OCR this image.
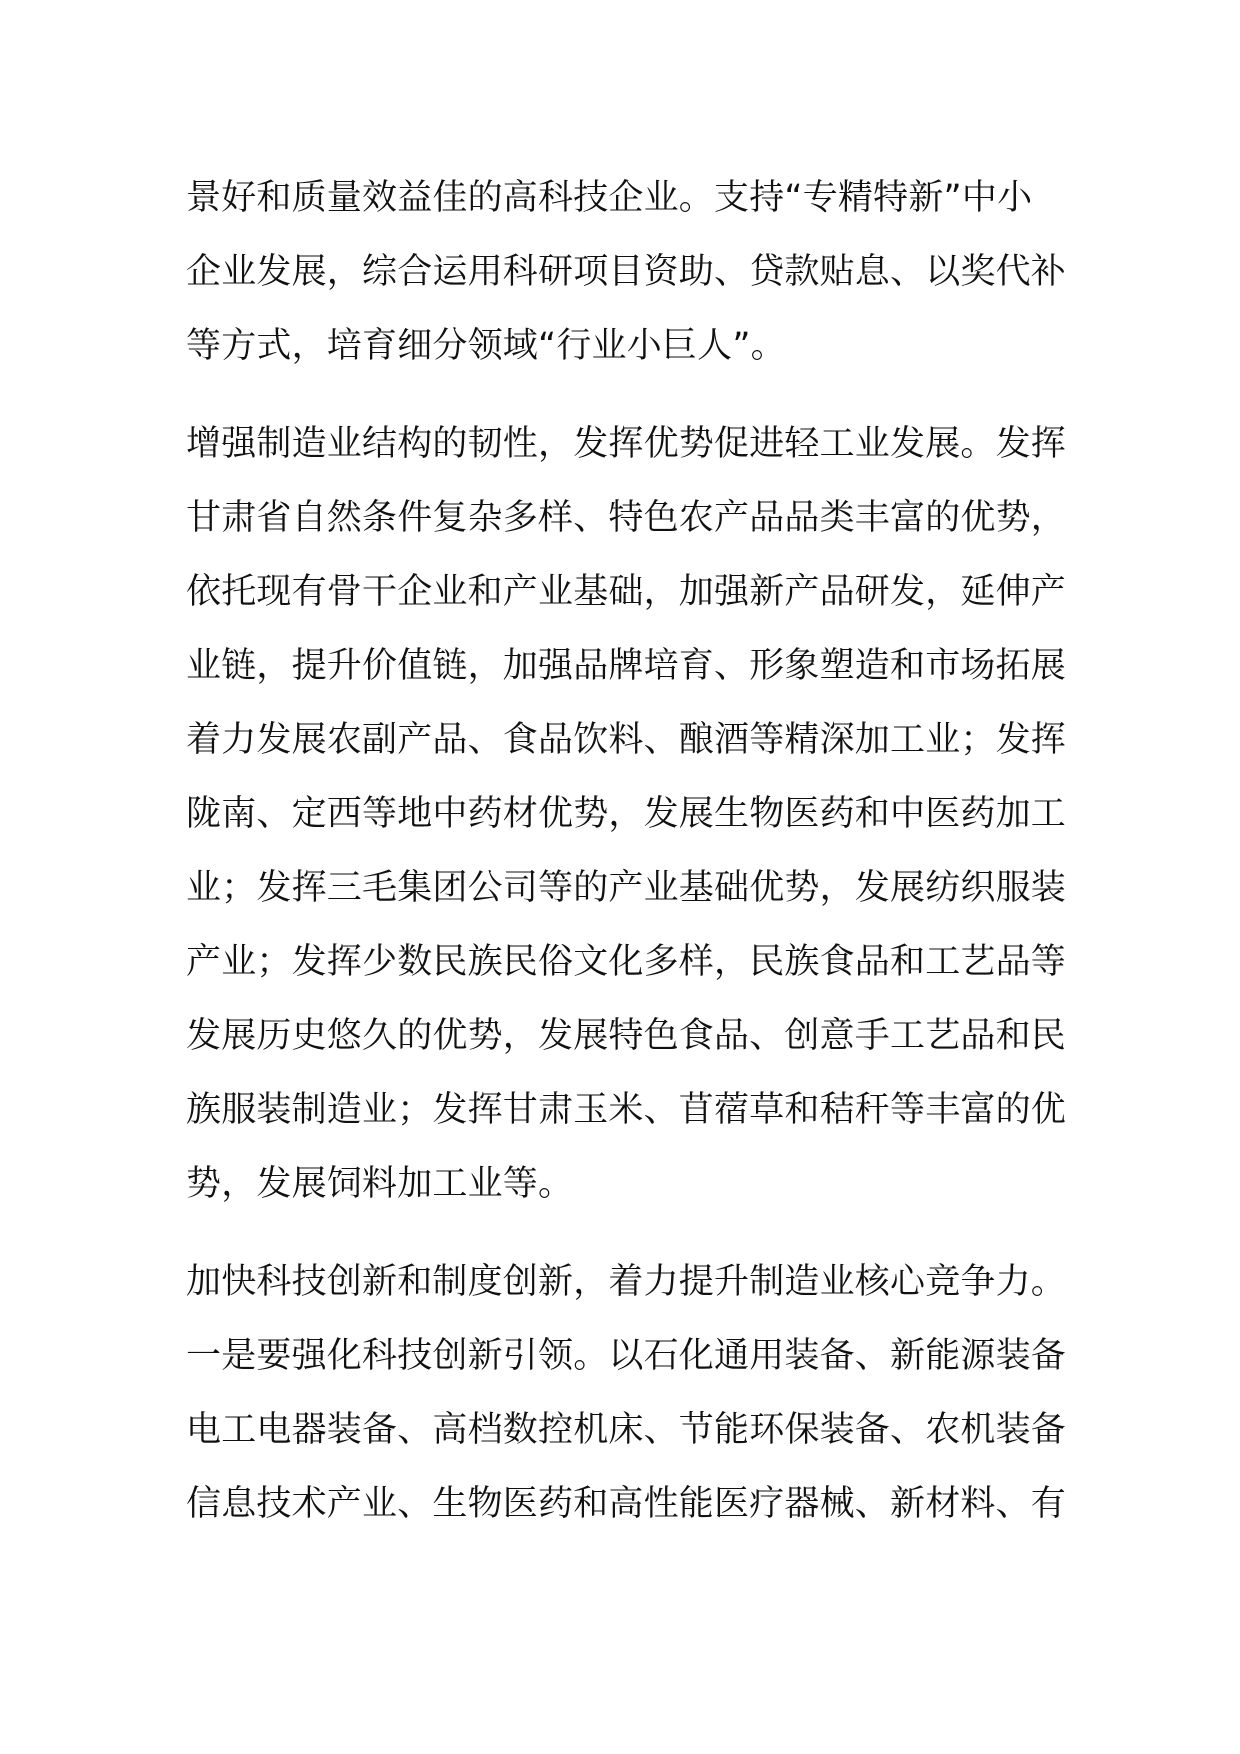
景好和质量效益佳的高科技企业。支持“专精特新”中小
企业发展，综合运用科研项目资助、贷款贴息、以奖代补
等方式，培育细分领域“行业小巨人”。
增强制造业结构的韧性，发挥优势促进轻工业发展。发挥
甘肃省自然条件复杂多样、特色农产品品类丰富的优势，
依托现有骨干企业和产业基础，加强新产品研发，延伸产
业链，提升价值链，加强品牌培育、形象塑造和市场拓展
着力发展农副产品、食品饮料、酿酒等精深加工业；发挥
陇南、定西等地中药材优势，发展生物医药和中医药加工
业；发挥三毛集团公司等的产业基础优势，发展纺织服装
产业；发挥少数民族民俗文化多样，民族食品和工艺品等
发展历史悠久的优势，发展特色食品、创意手工艺品和民
族服装制造业；发挥甘肃玉米、苜蓿草和秸秆等丰富的优
势，发展饲料加工业等。
加快科技创新和制度创新，着力提升制造业核心竞争力。
一是要强化科技创新引领。以石化通用装备、新能源装备
电工电器装备、高档数控机床、节能环保装备、农机装备
信息技术产业、生物医药和高性能医疗器械、新材料、有
